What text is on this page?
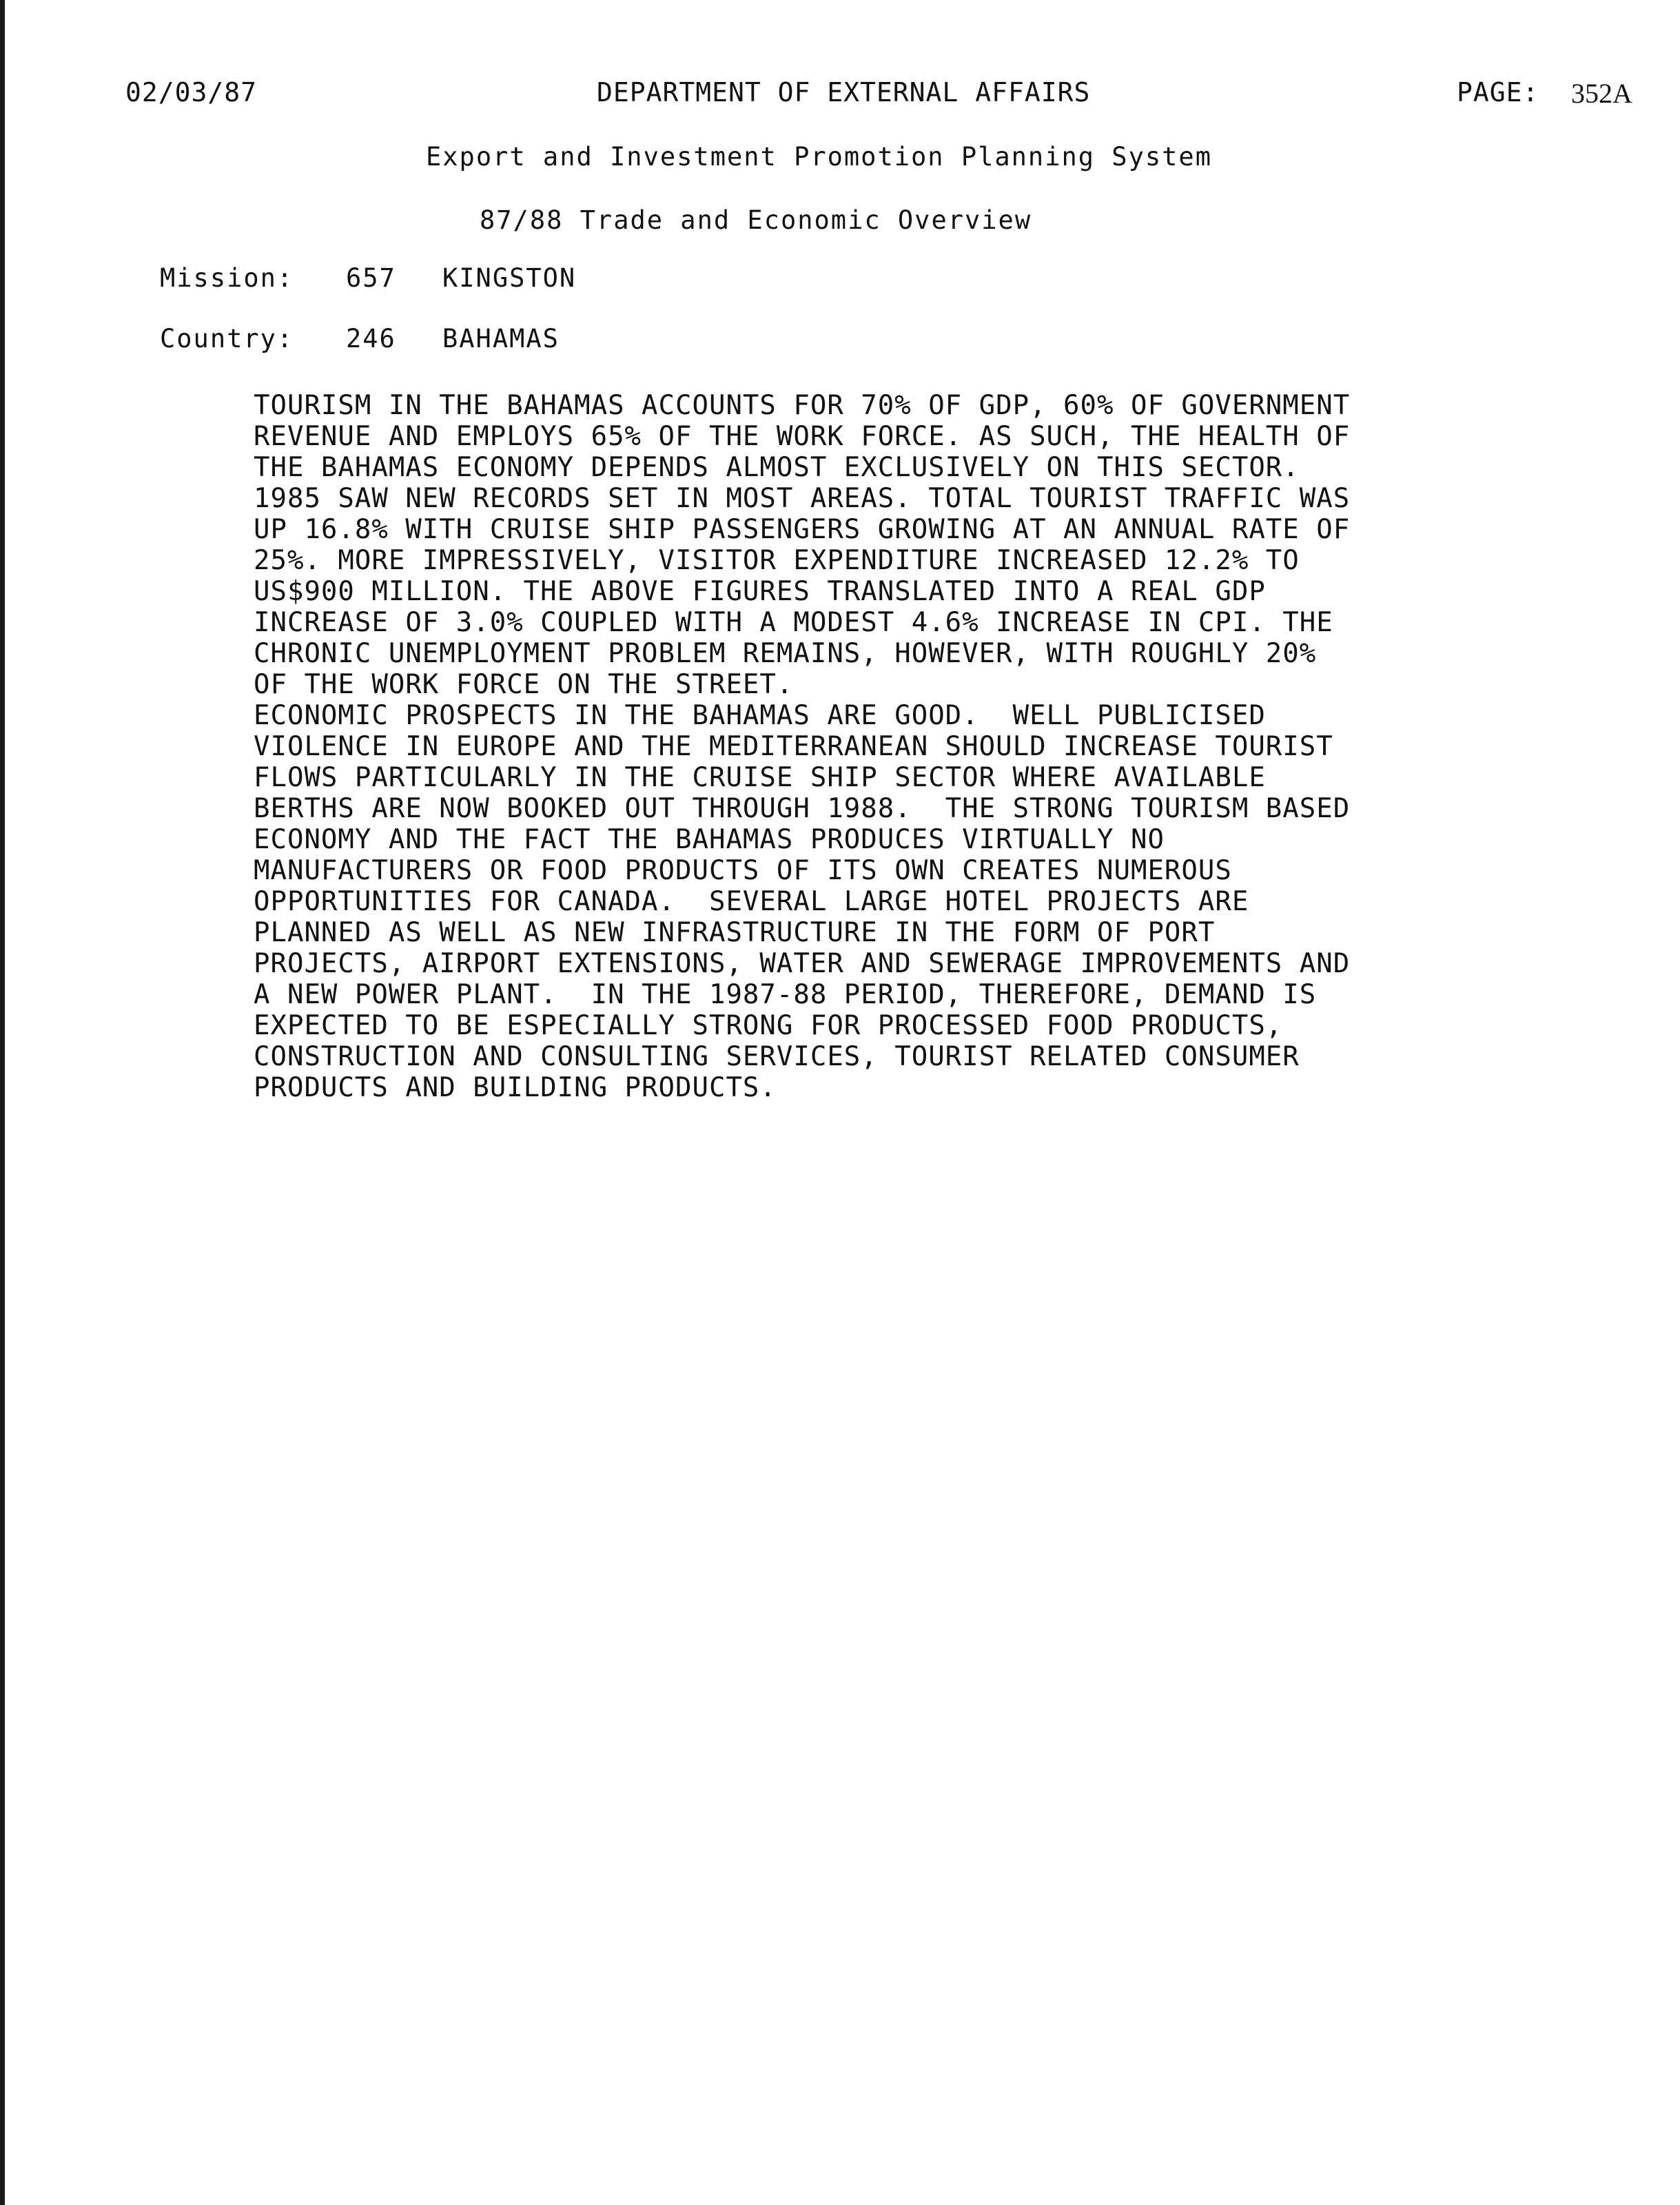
02/03/87	DEPARTMENT OF EXTERNAL AFFAIRS	PAGE: 352A
Export and Investment Promotion Planning System
87/88 Trade and Economic Overview
Mission: 657 KINGSTON
Country: 246 BAHAMAS
TOURISM IN THE BAHAMAS ACCOUNTS FOR 70% OF GDP, 60% OF GOVERNMENT
REVENUE AND EMPLOYS 65% OF THE WORK FORCE. AS SUCH, THE HEALTH OF
THE BAHAMAS ECONOMY DEPENDS ALMOST EXCLUSIVELY ON THIS SECTOR.
1985 SAW NEW RECORDS SET IN MOST AREAS. TOTAL TOURIST TRAFFIC WAS
UP 16.8% WITH CRUISE SHIP PASSENGERS GROWING AT AN ANNUAL RATE OF
25%. MORE IMPRESSIVELY, VISITOR EXPENDITURE INCREASED 12.2% TO
US$900 MILLION. THE ABOVE FIGURES TRANSLATED INTO A REAL GDP
INCREASE OF 3.0% COUPLED WITH A MODEST 4.6% INCREASE IN CPI. THE
CHRONIC UNEMPLOYMENT PROBLEM REMAINS, HOWEVER, WITH ROUGHLY 20%
OF THE WORK FORCE ON THE STREET.
ECONOMIC PROSPECTS IN THE BAHAMAS ARE GOOD.  WELL PUBLICISED
VIOLENCE IN EUROPE AND THE MEDITERRANEAN SHOULD INCREASE TOURIST
FLOWS PARTICULARLY IN THE CRUISE SHIP SECTOR WHERE AVAILABLE
BERTHS ARE NOW BOOKED OUT THROUGH 1988.  THE STRONG TOURISM BASED
ECONOMY AND THE FACT THE BAHAMAS PRODUCES VIRTUALLY NO
MANUFACTURERS OR FOOD PRODUCTS OF ITS OWN CREATES NUMEROUS
OPPORTUNITIES FOR CANADA.  SEVERAL LARGE HOTEL PROJECTS ARE
PLANNED AS WELL AS NEW INFRASTRUCTURE IN THE FORM OF PORT
PROJECTS, AIRPORT EXTENSIONS, WATER AND SEWERAGE IMPROVEMENTS AND
A NEW POWER PLANT.  IN THE 1987-88 PERIOD, THEREFORE, DEMAND IS
EXPECTED TO BE ESPECIALLY STRONG FOR PROCESSED FOOD PRODUCTS,
CONSTRUCTION AND CONSULTING SERVICES, TOURIST RELATED CONSUMER
PRODUCTS AND BUILDING PRODUCTS.
